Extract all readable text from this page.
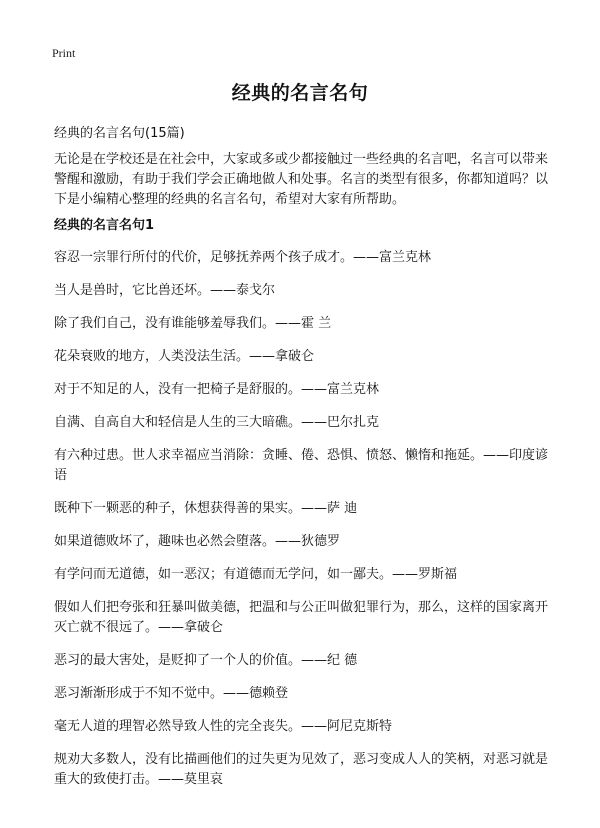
Print
经典的名言名句
经典的名言名句(15篇)
无论是在学校还是在社会中，大家或多或少都接触过一些经典的名言吧，名言可以带来警醒和激励，有助于我们学会正确地做人和处事。名言的类型有很多，你都知道吗？以下是小编精心整理的经典的名言名句，希望对大家有所帮助。
经典的名言名句1
容忍一宗罪行所付的代价，足够抚养两个孩子成才。——富兰克林
当人是兽时，它比兽还坏。——泰戈尔
除了我们自己，没有谁能够羞辱我们。——霍 兰
花朵衰败的地方，人类没法生活。——拿破仑
对于不知足的人，没有一把椅子是舒服的。——富兰克林
自满、自高自大和轻信是人生的三大暗礁。——巴尔扎克
有六种过患。世人求幸福应当消除：贪睡、倦、恐惧、愤怒、懒惰和拖延。——印度谚语
既种下一颗恶的种子，休想获得善的果实。——萨 迪
如果道德败坏了，趣味也必然会堕落。——狄德罗
有学问而无道德，如一恶汉；有道德而无学问，如一鄙夫。——罗斯福
假如人们把夸张和狂暴叫做美德，把温和与公正叫做犯罪行为，那么，这样的国家离开灭亡就不很远了。——拿破仑
恶习的最大害处，是贬抑了一个人的价值。——纪 德
恶习渐渐形成于不知不觉中。——德赖登
毫无人道的理智必然导致人性的完全丧失。——阿尼克斯特
规劝大多数人，没有比描画他们的过失更为见效了，恶习变成人人的笑柄，对恶习就是重大的致使打击。——莫里哀
